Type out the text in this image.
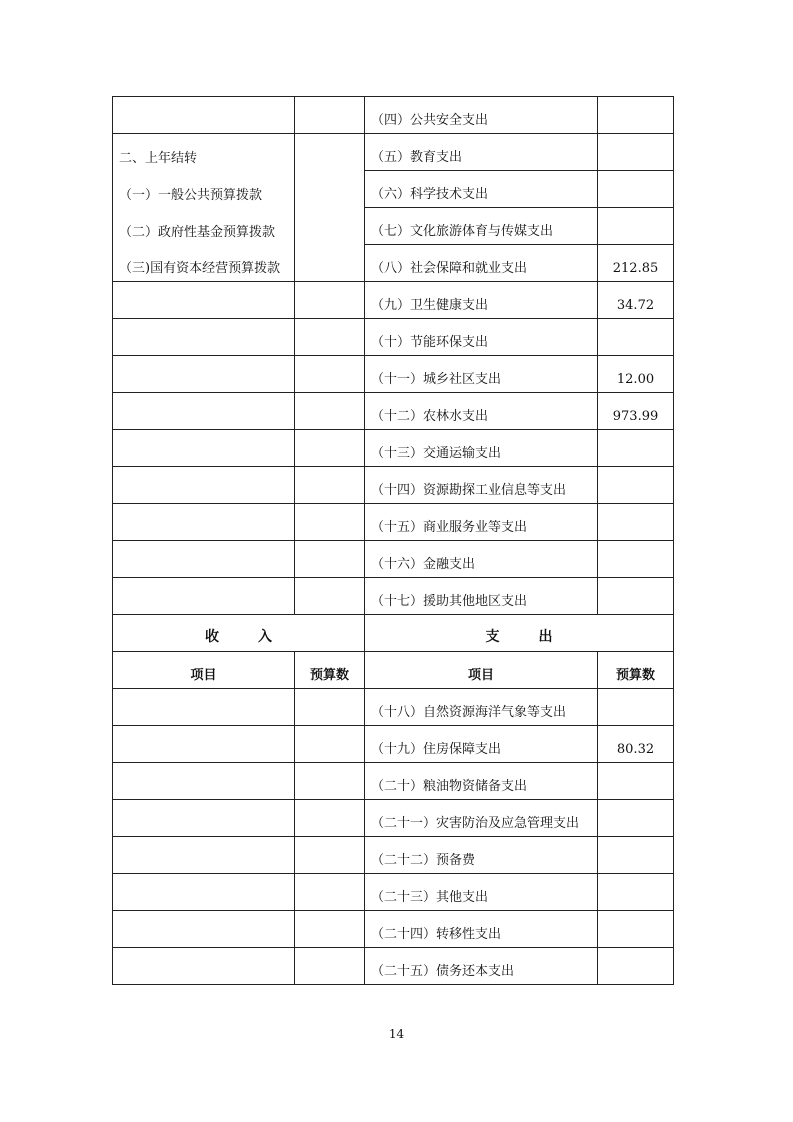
		（四）公共安全支出	
二、上年结转		（五）教育支出	
（一）一般公共预算拨款		（六）科学技术支出	
（二）政府性基金预算拨款		（七）文化旅游体育与传媒支出	
（三)国有资本经营预算拨款		（八）社会保障和就业支出	212.85
		（九）卫生健康支出	34.72
		（十）节能环保支出	
		（十一）城乡社区支出	12.00
		（十二）农林水支出	973.99
		（十三）交通运输支出	
		（十四）资源勘探工业信息等支出	
		（十五）商业服务业等支出	
		（十六）金融支出	
		（十七）援助其他地区支出	
收        入		支        出	
项目	预算数	项目	预算数
		（十八）自然资源海洋气象等支出	
		（十九）住房保障支出	80.32
		（二十）粮油物资储备支出	
		（二十一）灾害防治及应急管理支出	
		（二十二）预备费	
		（二十三）其他支出	
		（二十四）转移性支出	
		（二十五）债务还本支出	
14
